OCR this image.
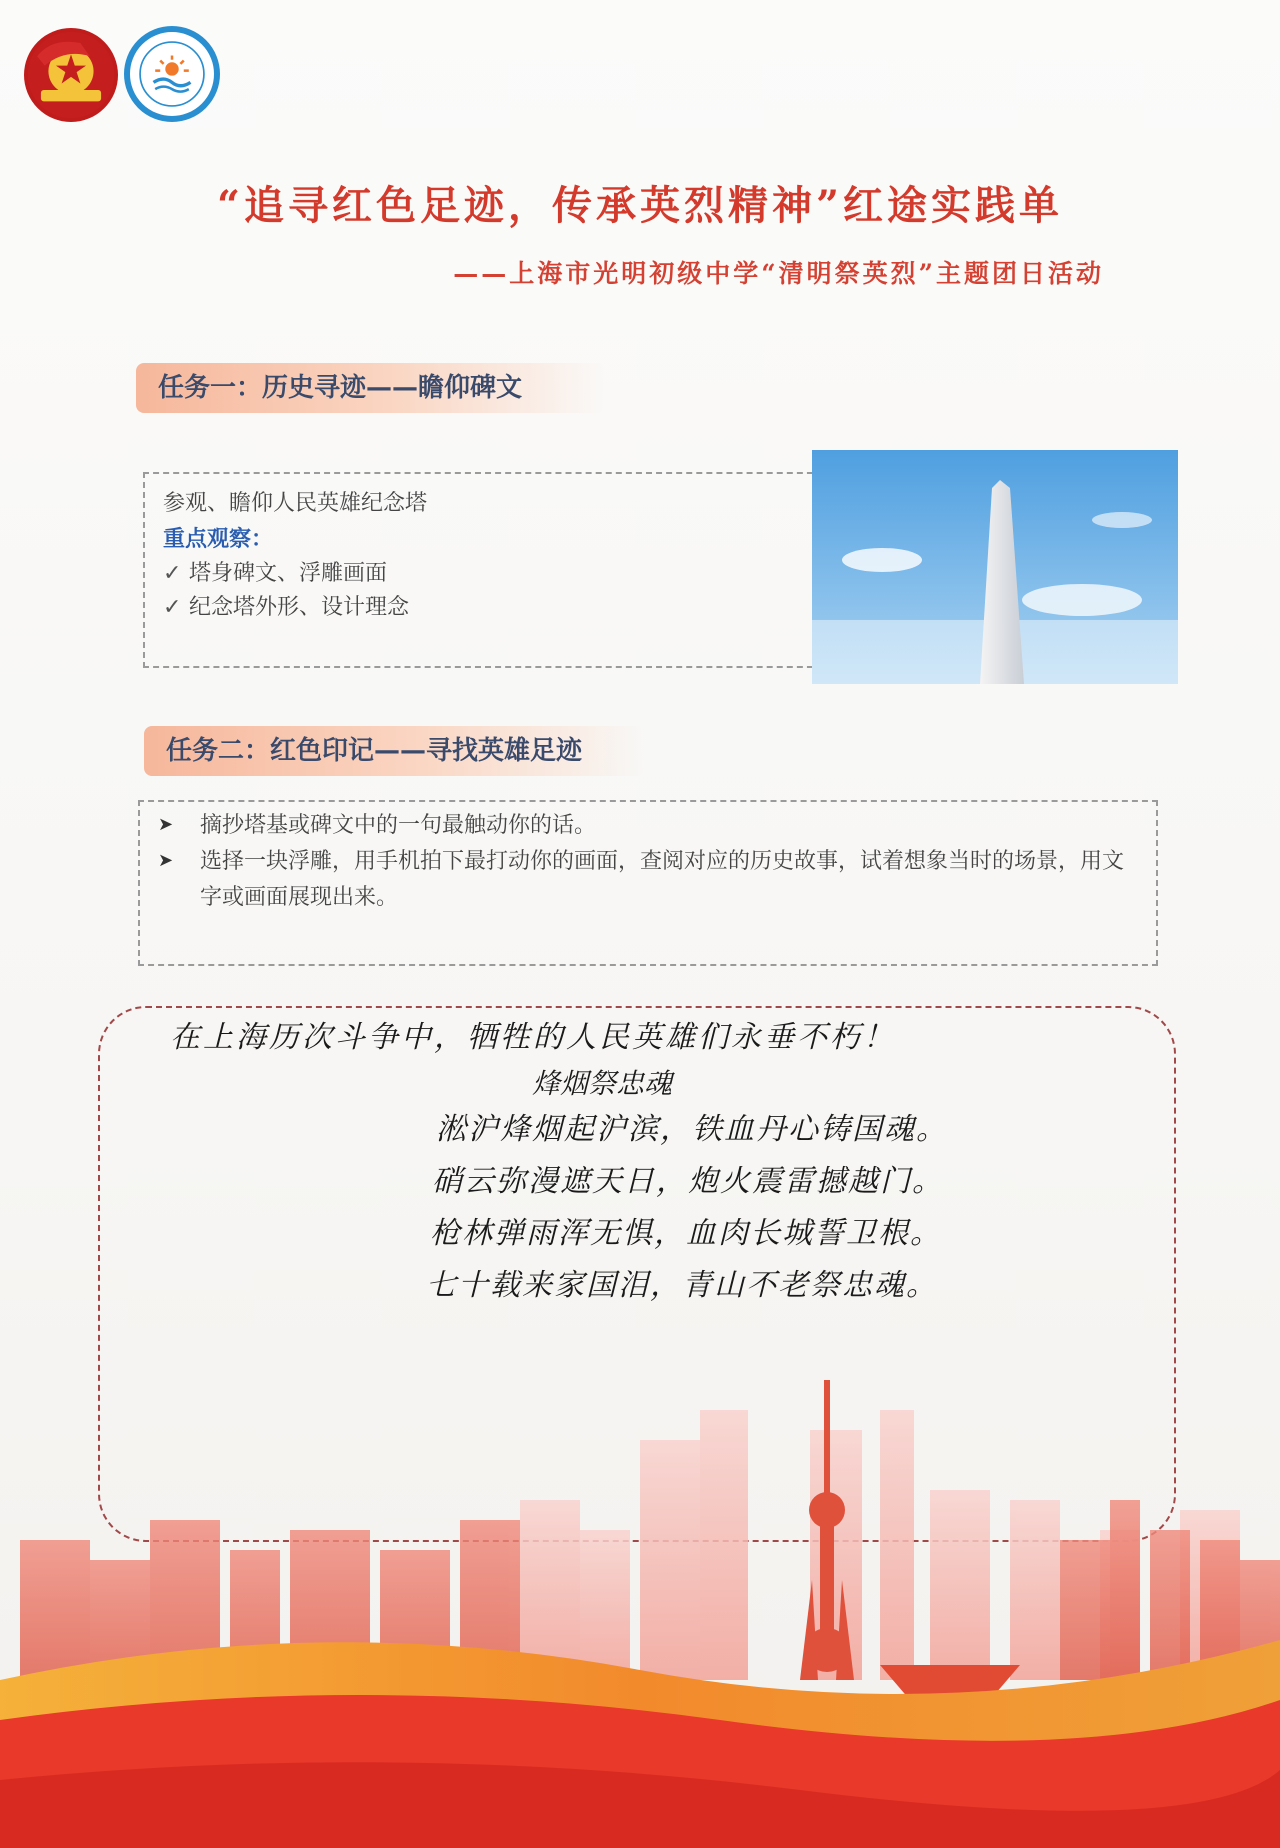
“追寻红色足迹，传承英烈精神”红途实践单
——上海市光明初级中学“清明祭英烈”主题团日活动
任务一：历史寻迹——瞻仰碑文
参观、瞻仰人民英雄纪念塔
重点观察：
✓ 塔身碑文、浮雕画面
✓ 纪念塔外形、设计理念
任务二：红色印记——寻找英雄足迹
➤ 摘抄塔基或碑文中的一句最触动你的话。
➤ 选择一块浮雕，用手机拍下最打动你的画面，查阅对应的历史故事，试着想象当时的场景，用文字或画面展现出来。
在上海历次斗争中，牺牲的人民英雄们永垂不朽！
烽烟祭忠魂
淞沪烽烟起沪滨，铁血丹心铸国魂。
硝云弥漫遮天日，炮火震雷撼越门。
枪林弹雨浑无惧，血肉长城誓卫根。
七十载来家国泪，青山不老祭忠魂。
